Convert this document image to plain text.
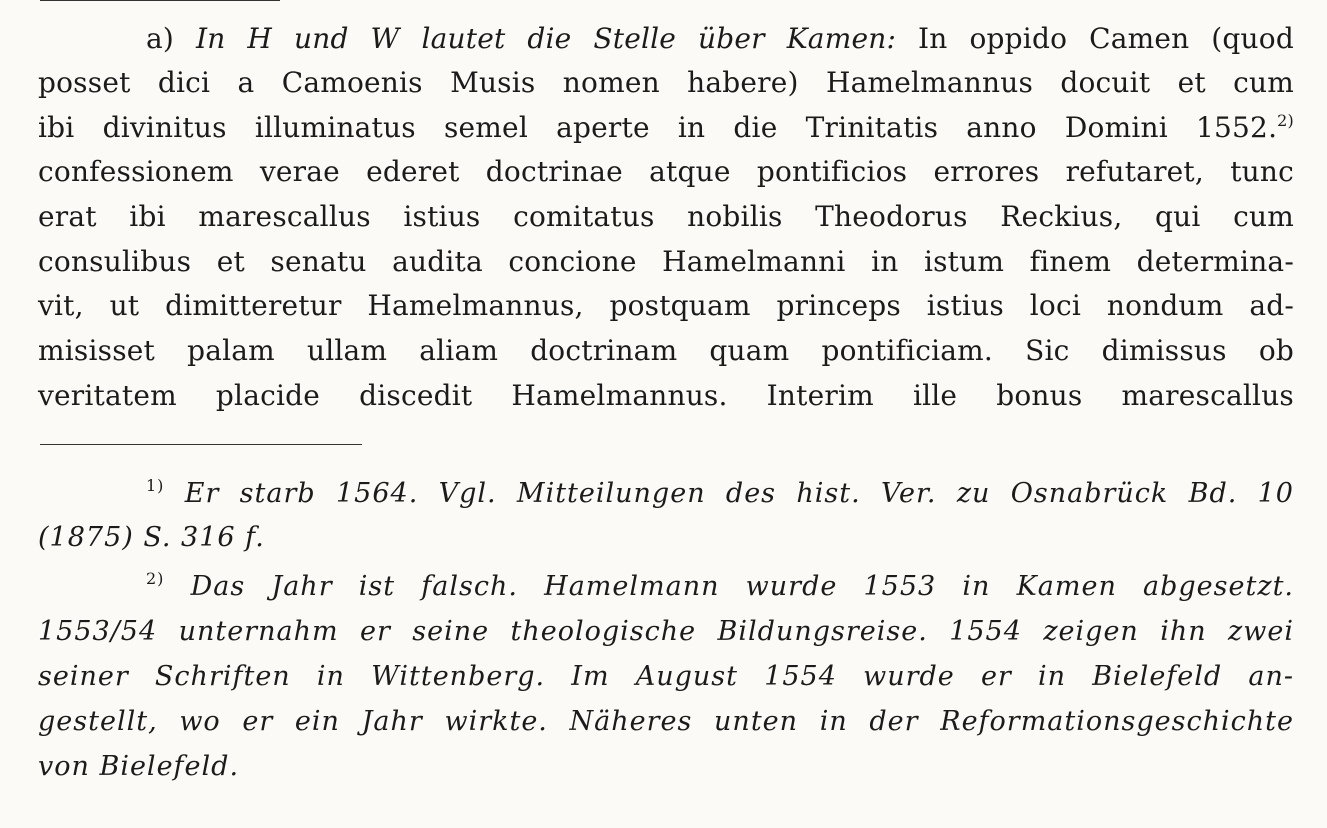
a) In H und W lautet die Stelle über Kamen: In oppido Camen (quod

posset dici a Camoenis Musis nomen habere) Hamelmannus docuit et cum

ibi divinitus illuminatus semel aperte in die Trinitatis anno Domini 1552.$^{2)}$

confessionem verae ederet doctrinae atque pontificios errores refutaret, tunc

erat ibi marescallus istius comitatus nobilis Theodorus Reckius, qui cum

consulibus et senatu audita concione Hamelmanni in istum finem determina-

vit, ut dimitteretur Hamelmannus, postquam princeps istius loci nondum ad-

misisset palam ullam aliam doctrinam quam pontificiam. Sic dimissus ob

veritatem placide discedit Hamelmannus. Interim ille bonus marescallus

$^{1)}$ Er starb 1564. Vgl. Mitteilungen des hist. Ver. zu Osnabrück Bd. 10

(1875) S. 316 f.

$^{2)}$ Das Jahr ist falsch. Hamelmann wurde 1553 in Kamen abgesetzt.

1553/54 unternahm er seine theologische Bildungsreise. 1554 zeigen ihn zwei

seiner Schriften in Wittenberg. Im August 1554 wurde er in Bielefeld an-

gestellt, wo er ein Jahr wirkte. Näheres unten in der Reformationsgeschichte

von Bielefeld.
